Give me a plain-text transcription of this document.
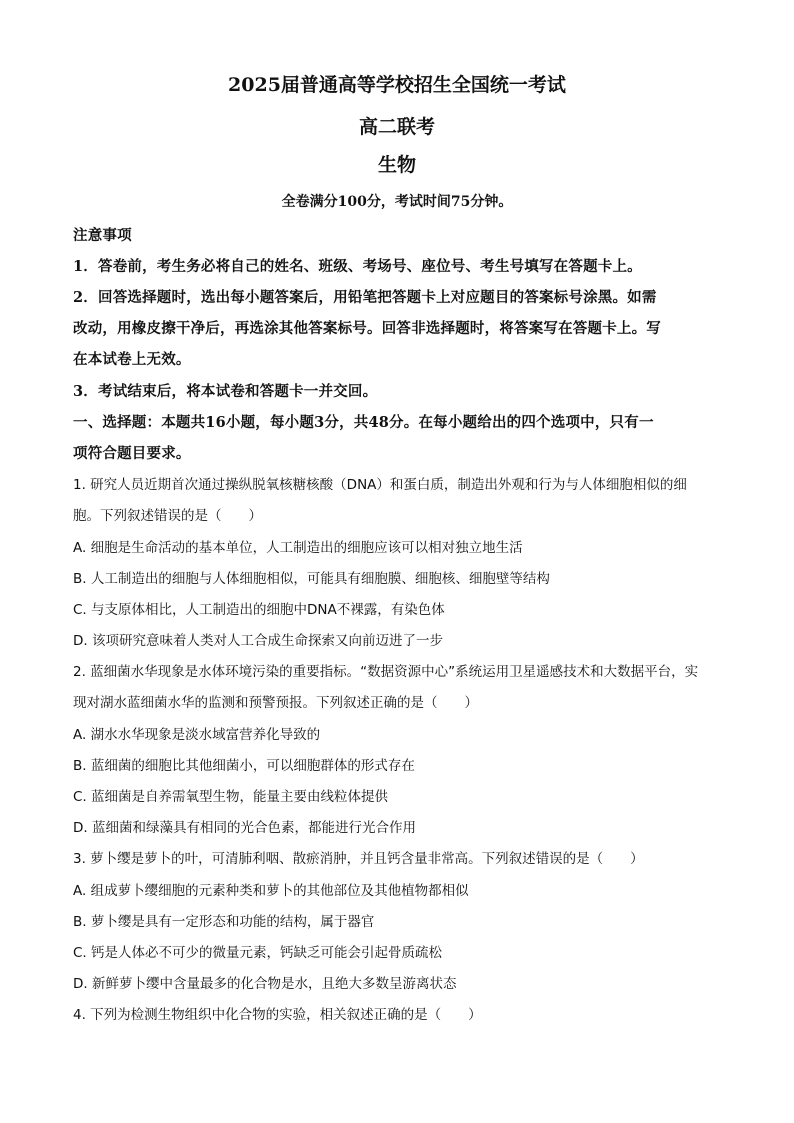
2025届普通高等学校招生全国统一考试
高二联考
生物
全卷满分100分，考试时间75分钟。
注意事项
1．答卷前，考生务必将自己的姓名、班级、考场号、座位号、考生号填写在答题卡上。
2．回答选择题时，选出每小题答案后，用铅笔把答题卡上对应题目的答案标号涂黑。如需
改动，用橡皮擦干净后，再选涂其他答案标号。回答非选择题时，将答案写在答题卡上。写
在本试卷上无效。
3．考试结束后，将本试卷和答题卡一并交回。
一、选择题：本题共16小题，每小题3分，共48分。在每小题给出的四个选项中，只有一
项符合题目要求。
1. 研究人员近期首次通过操纵脱氧核糖核酸（DNA）和蛋白质，制造出外观和行为与人体细胞相似的细
胞。下列叙述错误的是（　　）
A. 细胞是生命活动的基本单位，人工制造出的细胞应该可以相对独立地生活
B. 人工制造出的细胞与人体细胞相似，可能具有细胞膜、细胞核、细胞壁等结构
C. 与支原体相比，人工制造出的细胞中DNA不裸露，有染色体
D. 该项研究意味着人类对人工合成生命探索又向前迈进了一步
2. 蓝细菌水华现象是水体环境污染的重要指标。“数据资源中心”系统运用卫星遥感技术和大数据平台，实
现对湖水蓝细菌水华的监测和预警预报。下列叙述正确的是（　　）
A. 湖水水华现象是淡水域富营养化导致的
B. 蓝细菌的细胞比其他细菌小，可以细胞群体的形式存在
C. 蓝细菌是自养需氧型生物，能量主要由线粒体提供
D. 蓝细菌和绿藻具有相同的光合色素，都能进行光合作用
3. 萝卜缨是萝卜的叶，可清肺利咽、散瘀消肿，并且钙含量非常高。下列叙述错误的是（　　）
A. 组成萝卜缨细胞的元素种类和萝卜的其他部位及其他植物都相似
B. 萝卜缨是具有一定形态和功能的结构，属于器官
C. 钙是人体必不可少的微量元素，钙缺乏可能会引起骨质疏松
D. 新鲜萝卜缨中含量最多的化合物是水，且绝大多数呈游离状态
4. 下列为检测生物组织中化合物的实验，相关叙述正确的是（　　）
